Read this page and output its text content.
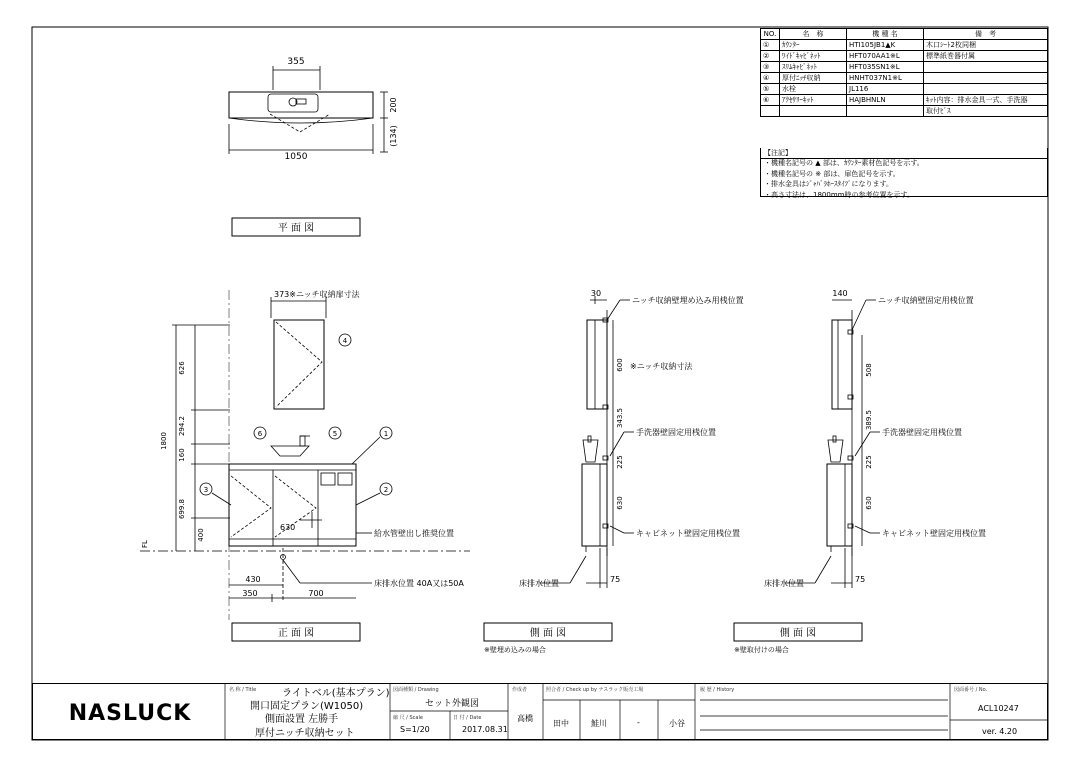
355
1050
200
(134)
平 面 図
4
6	5	1
3	2
373※ニッチ収納扉寸法
626
294.2
1800
160
699.8
400
630
FL
430
350	700
給水管壁出し推奨位置
床排水位置 40A又は50A
正 面 図
30
ニッチ収納壁埋め込み用桟位置
600 ※ニッチ収納寸法
343.5
手洗器壁固定用桟位置
225
630
キャビネット壁固定用桟位置
床排水位置	75
側 面 図
※壁埋め込みの場合
140
ニッチ収納壁固定用桟位置
508
389.5
手洗器壁固定用桟位置
225
630
キャビネット壁固定用桟位置
床排水位置	75
側 面 図
※壁取付けの場合
NO.	名　称	機 種 名	備　考
①	ｶｳﾝﾀｰ	HTI105JB1▲K	木口ｼｰﾄ2枚同梱
②	ﾜｲﾄﾞｷｬﾋﾞﾈｯﾄ	HFT070AA1※L	標準紙巻器付属
③	ｽﾘﾑｷｬﾋﾞﾈｯﾄ	HFT035SN1※L	
④	厚付ﾆｯﾁ収納	HNHT037N1※L	
⑤	水栓	JL116	
⑥	ｱｸｾｻﾘｰｷｯﾄ	HAJBHNLN	ｷｯﾄ内容：排水金具一式、手洗器
			取付ﾋﾞｽ
【注記】
・機種名記号の ▲ 部は、ｶｳﾝﾀｰ素材色記号を示す。
・機種名記号の ※ 部は、扉色記号を示す。
・排水金具はｼﾞｬﾊﾞﾗﾎｰｽﾀｲﾌﾟになります。
・高さ寸法は、1800mm時の参考位置を示す。
NASLUCK
名 称 / Title	ライトベル(基本プラン)
開口固定プラン(W1050)
側面設置 左勝手
厚付ニッチ収納セット
図面種類 / Drawing
セット外観図
縮 尺 / Scale
S=1/20
日 付 / Date
2017.08.31
作成者
高橋
照合者 / Check up by ナスラック販売工場
田中	鮭川	-	小谷
履 歴 / History	図面番号 / No.
ACL10247
ver. 4.20
